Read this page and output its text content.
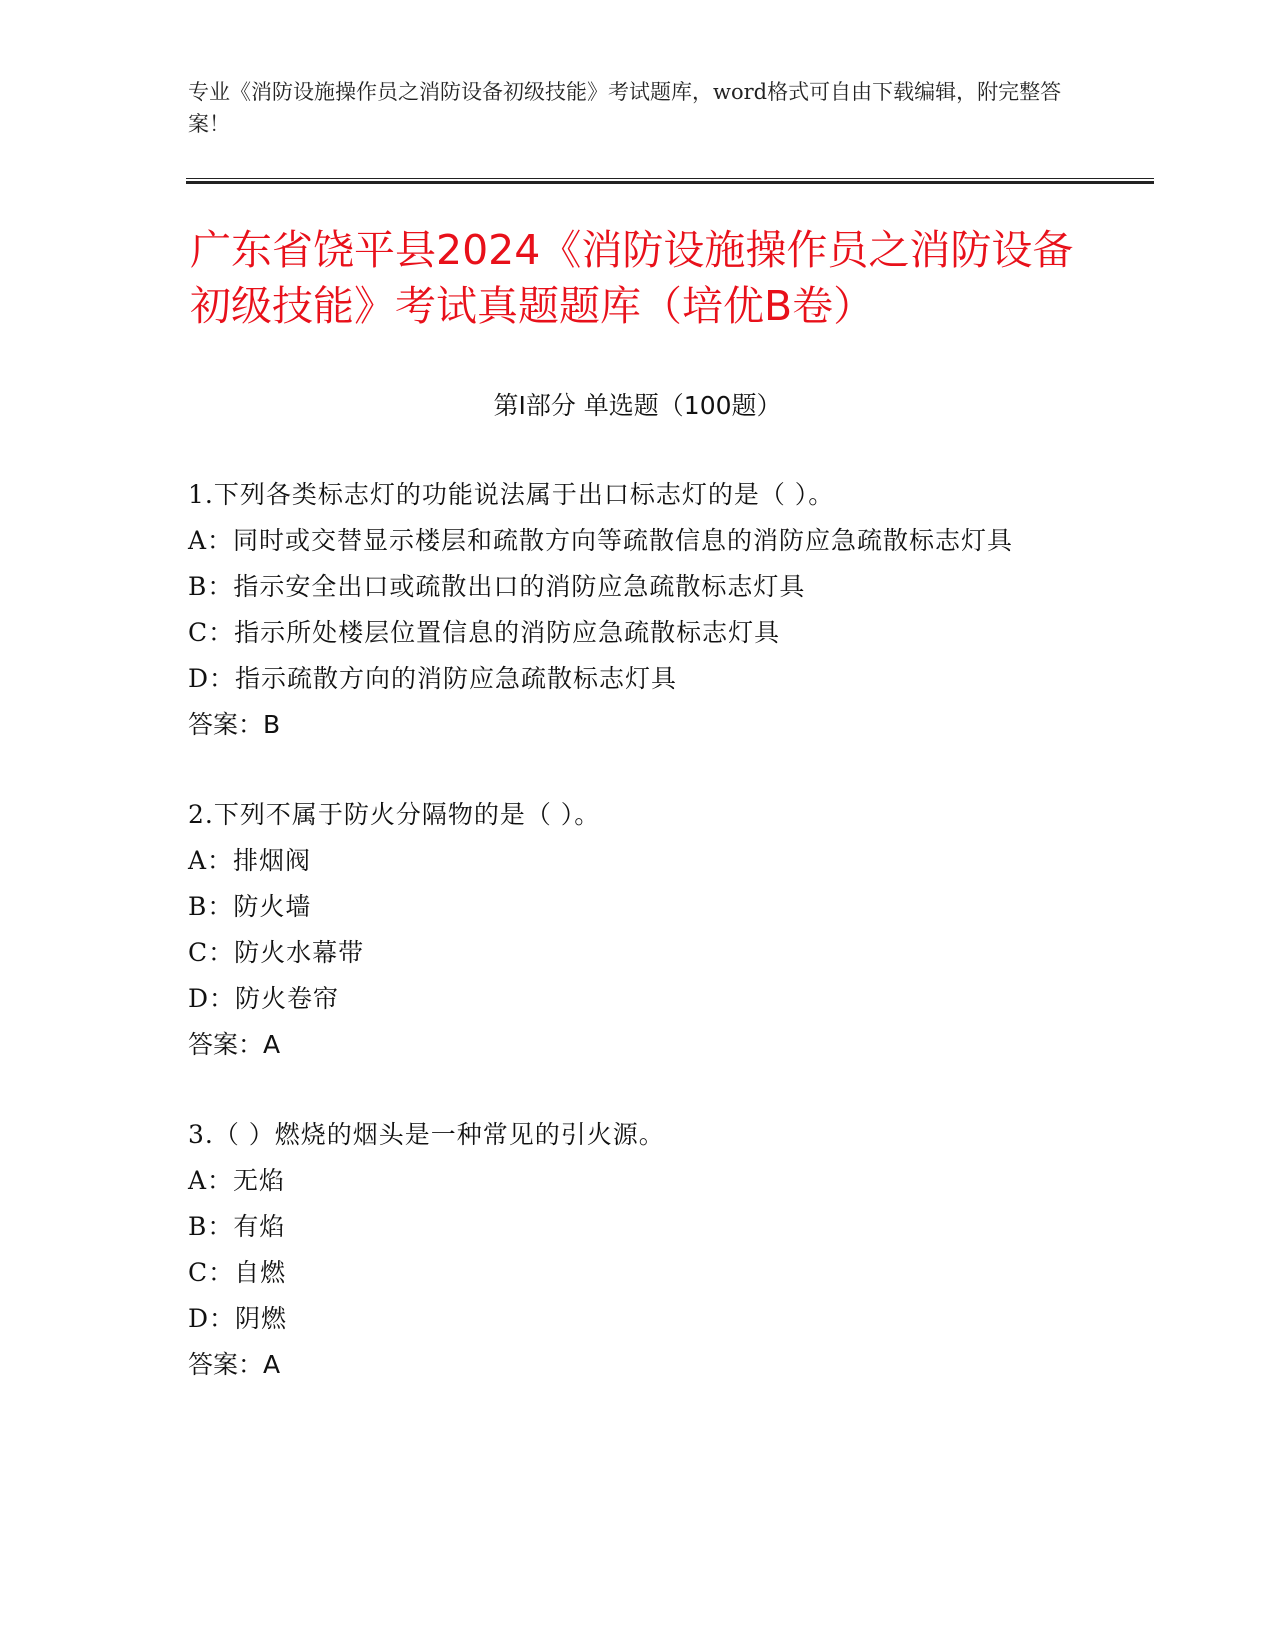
专业《消防设施操作员之消防设备初级技能》考试题库，word格式可自由下载编辑，附完整答案！
广东省饶平县2024《消防设施操作员之消防设备初级技能》考试真题题库（培优B卷）
第I部分 单选题（100题）
1.下列各类标志灯的功能说法属于出口标志灯的是（ ）。
A：同时或交替显示楼层和疏散方向等疏散信息的消防应急疏散标志灯具
B：指示安全出口或疏散出口的消防应急疏散标志灯具
C：指示所处楼层位置信息的消防应急疏散标志灯具
D：指示疏散方向的消防应急疏散标志灯具
答案：B
2.下列不属于防火分隔物的是（ ）。
A：排烟阀
B：防火墙
C：防火水幕带
D：防火卷帘
答案：A
3.（ ）燃烧的烟头是一种常见的引火源。
A：无焰
B：有焰
C：自燃
D：阴燃
答案：A
